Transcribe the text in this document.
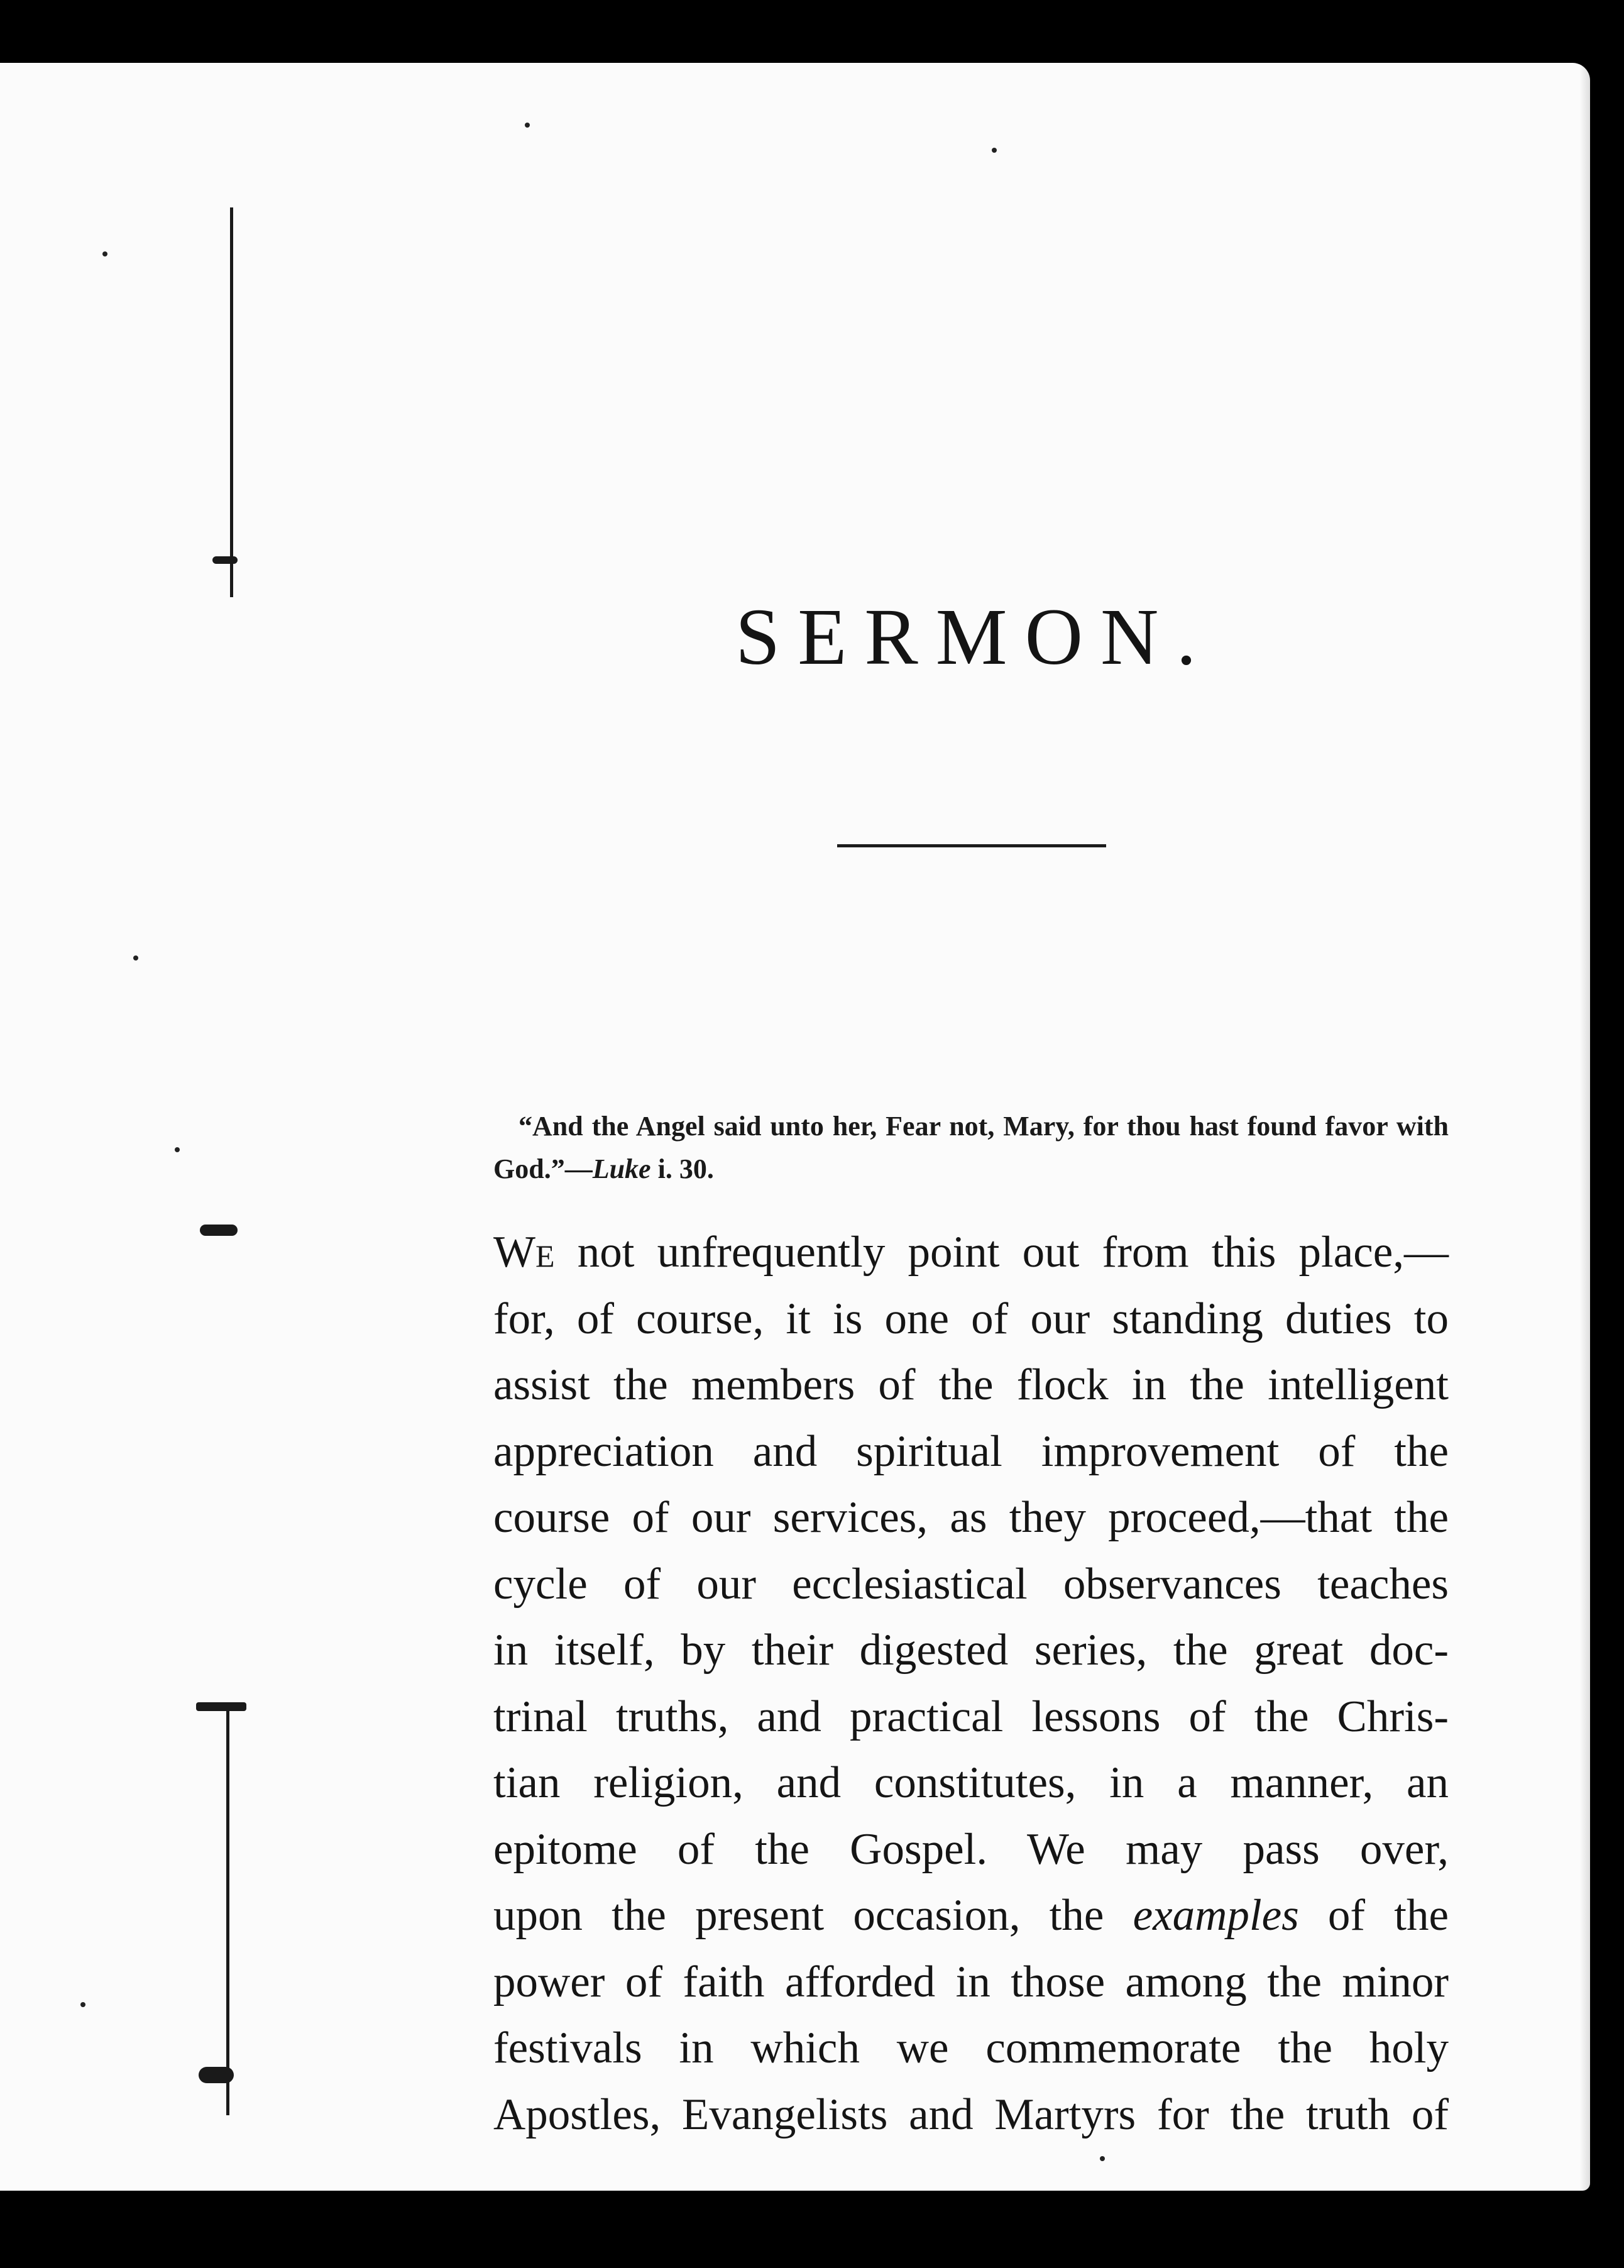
SERMON.

“And the Angel said unto her, Fear not, Mary, for thou hast found favor with God.”—Luke i. 30.

We not unfrequently point out from this place,—
for, of course, it is one of our standing duties to
assist the members of the flock in the intelligent
appreciation and spiritual improvement of the
course of our services, as they proceed,—that the
cycle of our ecclesiastical observances teaches
in itself, by their digested series, the great doc-
trinal truths, and practical lessons of the Chris-
tian religion, and constitutes, in a manner, an
epitome of the Gospel. We may pass over,
upon the present occasion, the examples of the
power of faith afforded in those among the minor
festivals in which we commemorate the holy
Apostles, Evangelists and Martyrs for the truth of
